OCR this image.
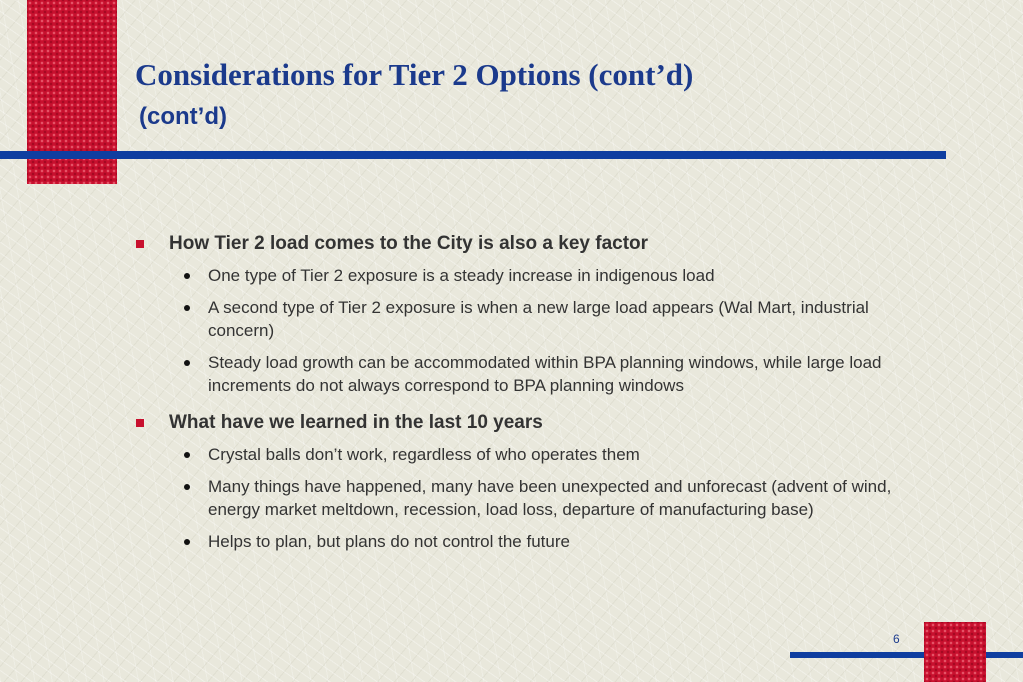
Considerations for Tier 2 Options (cont’d)
(cont’d)
How Tier 2 load comes to the City is also a key factor
One type of Tier 2 exposure is a steady increase in indigenous load
A second type of Tier 2 exposure is when a new large load appears (Wal Mart, industrial concern)
Steady load growth can be accommodated within BPA planning windows, while large load increments do not always correspond to BPA planning windows
What have we learned in the last 10 years
Crystal balls don’t work, regardless of who operates them
Many things have happened, many have been unexpected and unforecast (advent of wind, energy market meltdown, recession, load loss, departure of manufacturing base)
Helps to plan, but plans do not control the future
6
